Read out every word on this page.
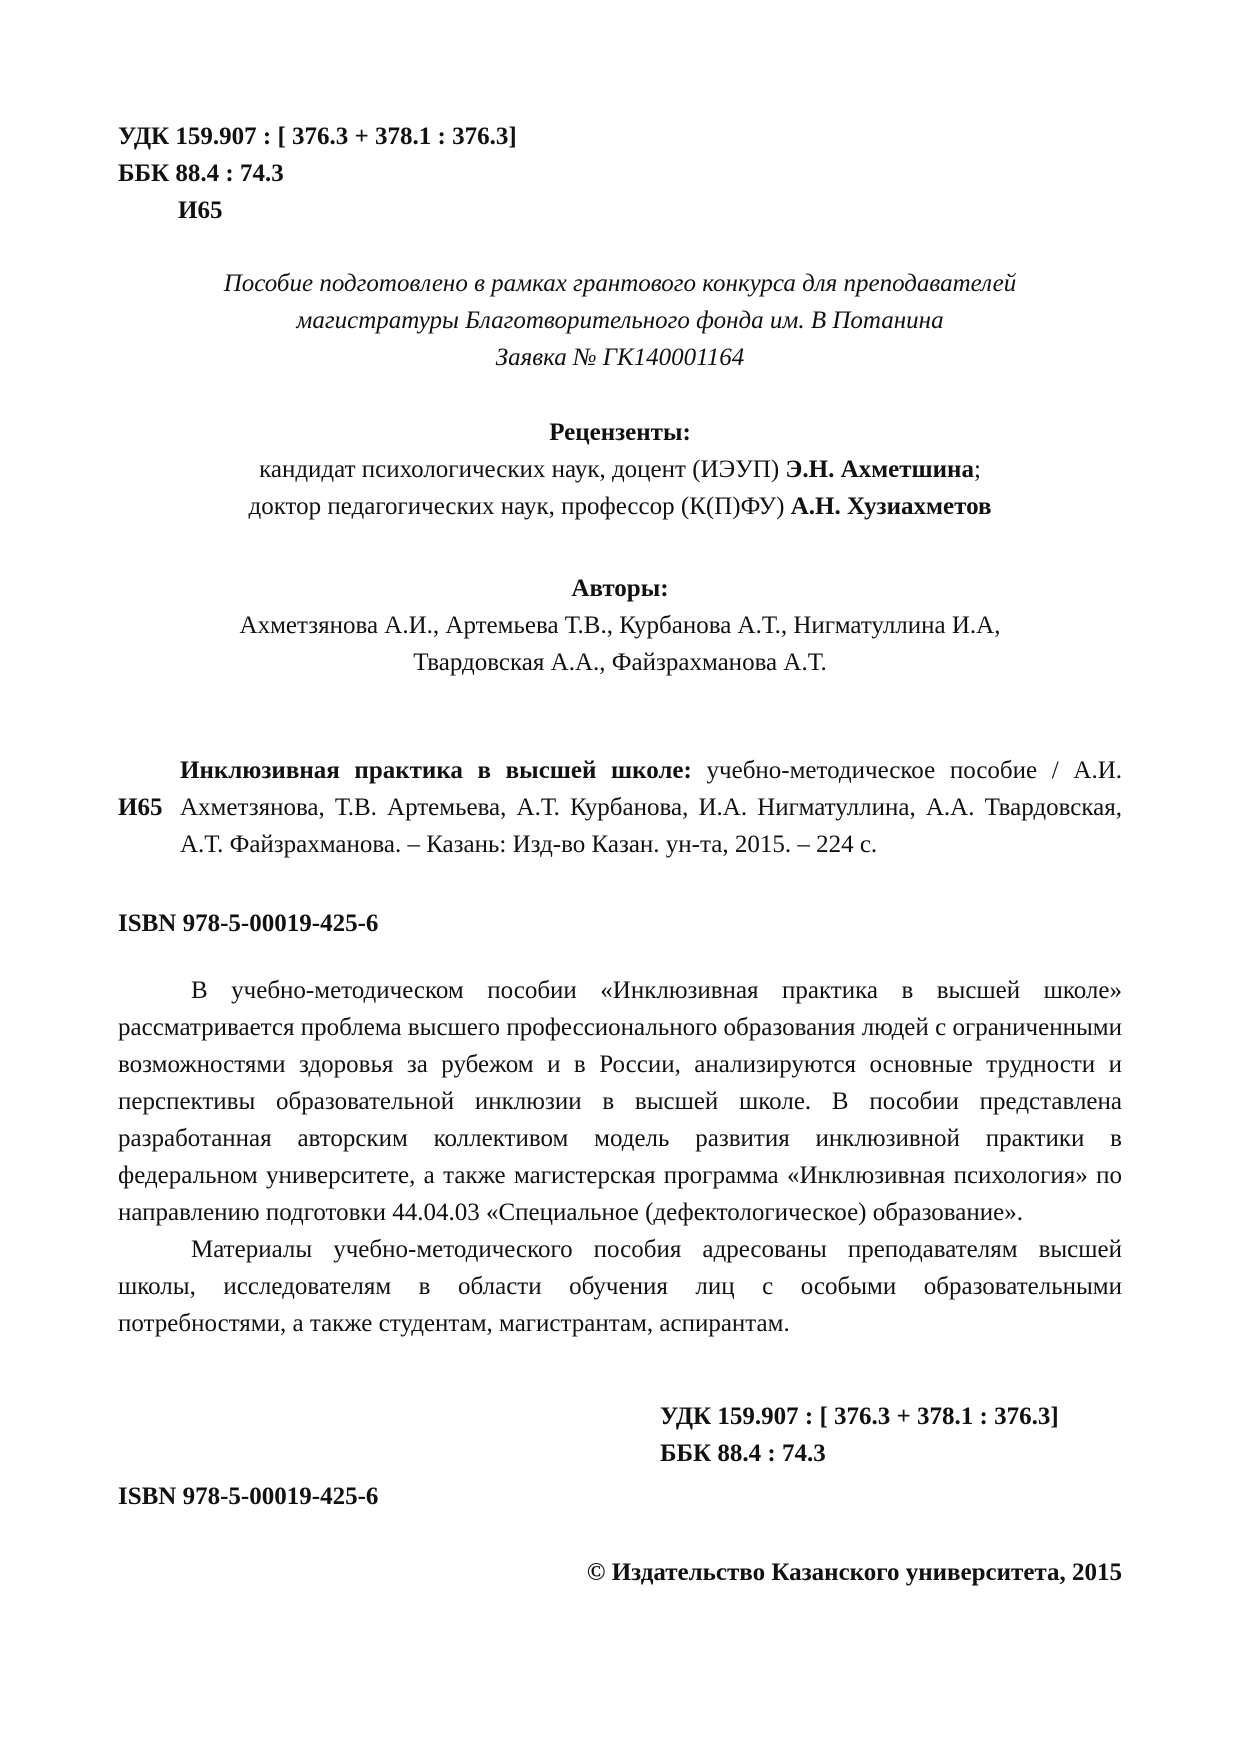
УДК 159.907 : [ 376.3 + 378.1 : 376.3]
ББК 88.4 : 74.3
И65
Пособие подготовлено в рамках грантового конкурса для преподавателей
магистратуры Благотворительного фонда им. В Потанина
Заявка № ГК140001164
Рецензенты:
кандидат психологических наук, доцент (ИЭУП) Э.Н. Ахметшина;
доктор педагогических наук, профессор (К(П)ФУ) А.Н. Хузиахметов
Авторы:
Ахметзянова А.И., Артемьева Т.В., Курбанова А.Т., Нигматуллина И.А,
Твардовская А.А., Файзрахманова А.Т.
И65
Инклюзивная практика в высшей школе: учебно-методическое пособие / А.И. Ахметзянова, Т.В. Артемьева, А.Т. Курбанова, И.А. Нигматуллина, А.А. Твардовская, А.Т. Файзрахманова. – Казань: Изд-во Казан. ун-та, 2015. – 224 с.
ISBN 978-5-00019-425-6

В учебно-методическом пособии «Инклюзивная практика в высшей школе» рассматривается проблема высшего профессионального образования людей с ограниченными возможностями здоровья за рубежом и в России, анализируются основные трудности и перспективы образовательной инклюзии в высшей школе. В пособии представлена разработанная авторским коллективом модель развития инклюзивной практики в федеральном университете, а также магистерская программа «Инклюзивная психология» по направлению подготовки 44.04.03 «Специальное (дефектологическое) образование».

Материалы учебно-методического пособия адресованы преподавателям высшей школы, исследователям в области обучения лиц с особыми образовательными потребностями, а также студентам, магистрантам, аспирантам.

УДК 159.907 : [ 376.3 + 378.1 : 376.3]
ББК 88.4 : 74.3
ISBN 978-5-00019-425-6
© Издательство Казанского университета, 2015
